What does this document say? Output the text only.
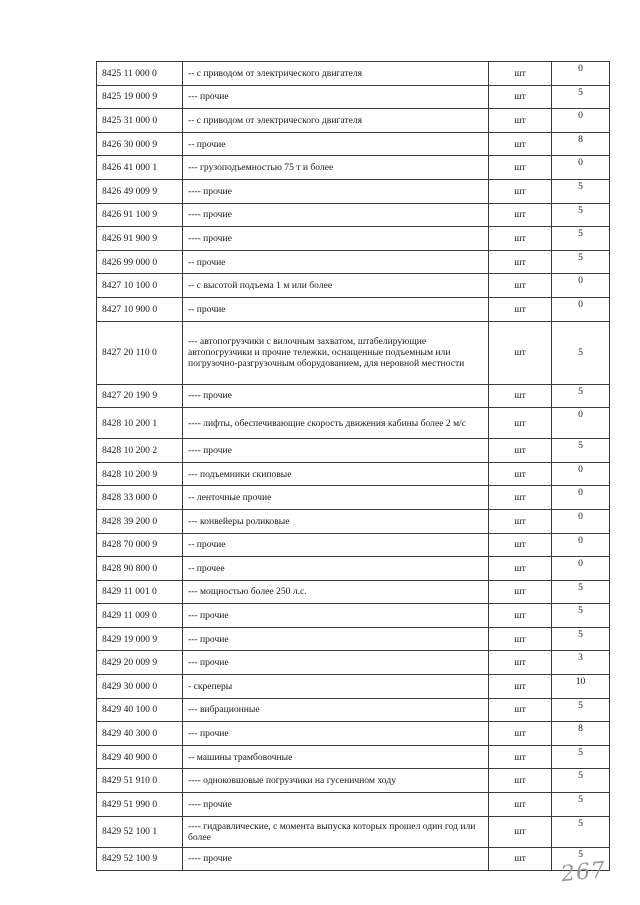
8425 11 000 0	-- с приводом от электрического двигателя	шт	0
8425 19 000 9	--- прочие	шт	5
8425 31 000 0	-- с приводом от электрического двигателя	шт	0
8426 30 000 9	-- прочие	шт	8
8426 41 000 1	--- грузоподъемностью 75 т и более	шт	0
8426 49 009 9	---- прочие	шт	5
8426 91 100 9	---- прочие	шт	5
8426 91 900 9	---- прочие	шт	5
8426 99 000 0	-- прочие	шт	5
8427 10 100 0	-- с высотой подъема 1 м или более	шт	0
8427 10 900 0	-- прочие	шт	0
8427 20 110 0	--- автопогрузчики с вилочным захватом, штабелирующие автопогрузчики и прочие тележки, оснащенные подъемным или погрузочно-разгрузочным оборудованием, для неровной местности	шт	5
8427 20 190 9	---- прочие	шт	5
8428 10 200 1	---- лифты, обеспечивающие скорость движения кабины более 2 м/с	шт	0
8428 10 200 2	---- прочие	шт	5
8428 10 200 9	--- подъемники скиповые	шт	0
8428 33 000 0	-- ленточные прочие	шт	0
8428 39 200 0	--- конвейеры роликовые	шт	0
8428 70 000 9	-- прочие	шт	0
8428 90 800 0	-- прочее	шт	0
8429 11 001 0	--- мощностью более 250 л.с.	шт	5
8429 11 009 0	--- прочие	шт	5
8429 19 000 9	--- прочие	шт	5
8429 20 009 9	--- прочие	шт	3
8429 30 000 0	- скреперы	шт	10
8429 40 100 0	--- вибрационные	шт	5
8429 40 300 0	--- прочие	шт	8
8429 40 900 0	-- машины трамбовочные	шт	5
8429 51 910 0	---- одноковшовые погрузчики на гусеничном ходу	шт	5
8429 51 990 0	---- прочие	шт	5
8429 52 100 1	---- гидравлические, с момента выпуска которых прошел один год или более	шт	5
8429 52 100 9	---- прочие	шт	5
267
